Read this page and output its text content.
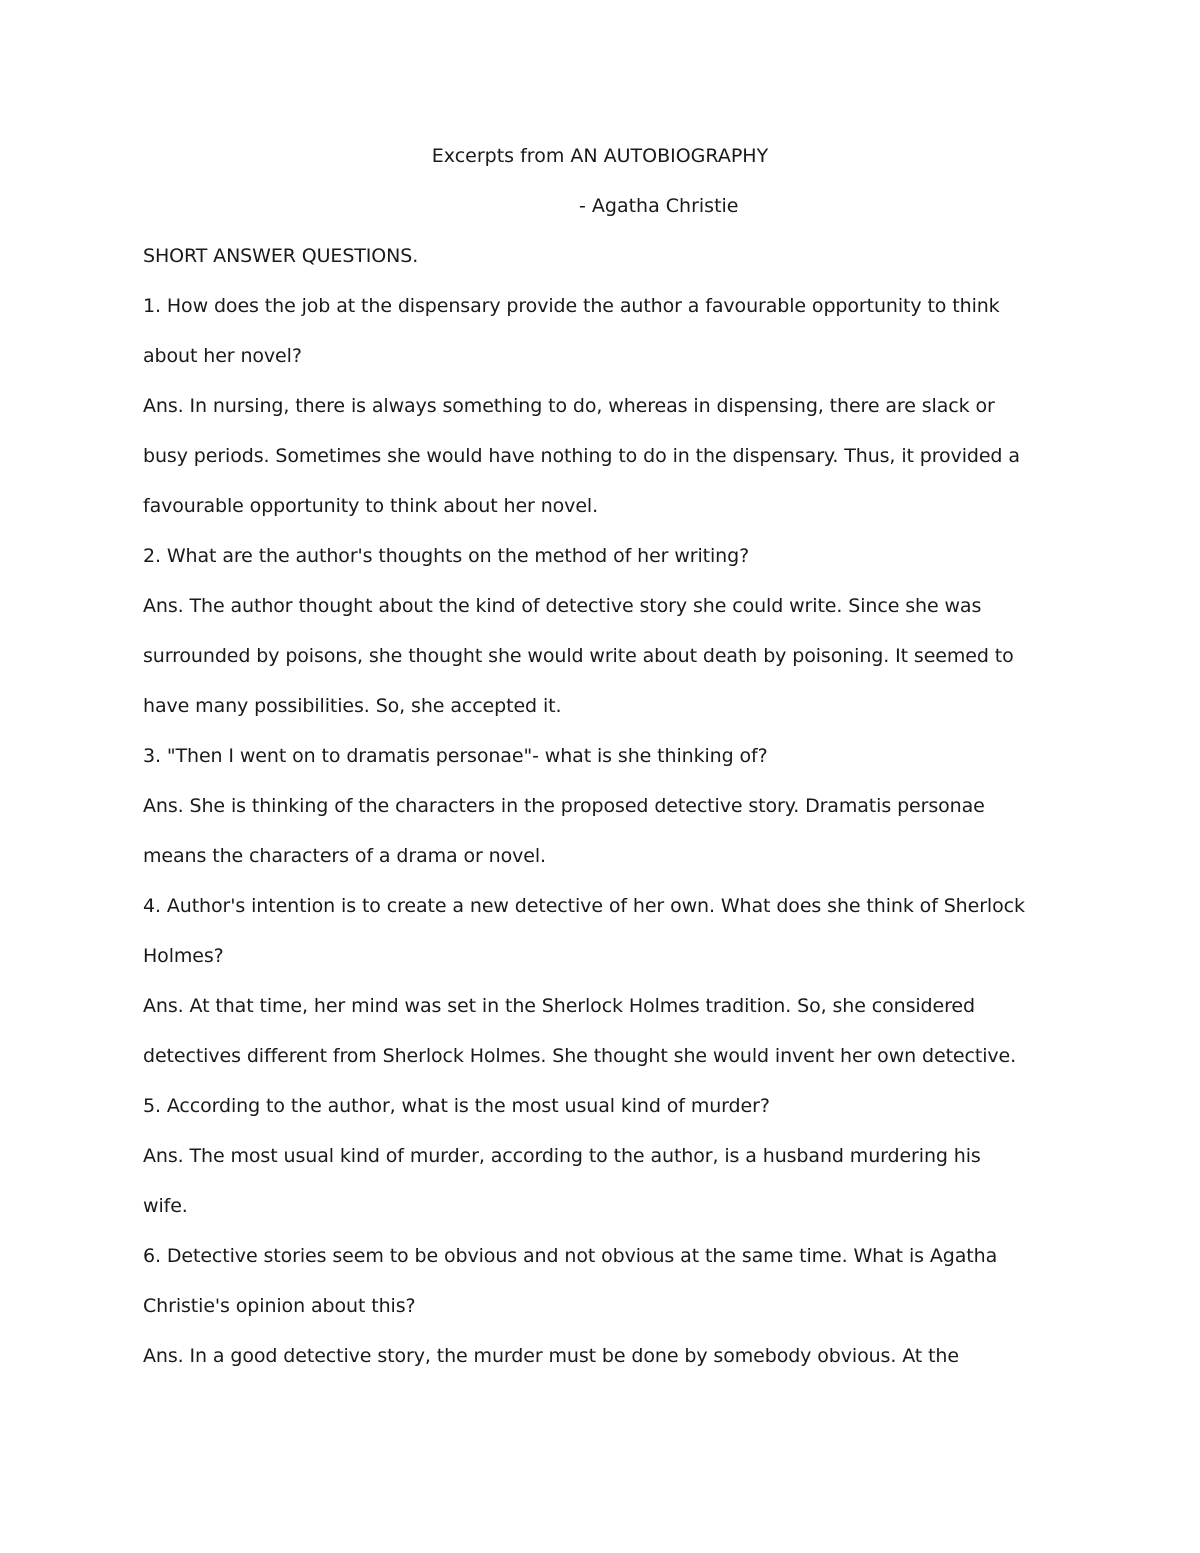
Excerpts from AN AUTOBIOGRAPHY
- Agatha Christie
SHORT ANSWER QUESTIONS.
1. How does the job at the dispensary provide the author a favourable opportunity to think
about her novel?
Ans. In nursing, there is always something to do, whereas in dispensing, there are slack or
busy periods. Sometimes she would have nothing to do in the dispensary. Thus, it provided a
favourable opportunity to think about her novel.
2. What are the author's thoughts on the method of her writing?
Ans. The author thought about the kind of detective story she could write. Since she was
surrounded by poisons, she thought she would write about death by poisoning. It seemed to
have many possibilities. So, she accepted it.
3. "Then I went on to dramatis personae"- what is she thinking of?
Ans. She is thinking of the characters in the proposed detective story. Dramatis personae
means the characters of a drama or novel.
4. Author's intention is to create a new detective of her own. What does she think of Sherlock
Holmes?
Ans. At that time, her mind was set in the Sherlock Holmes tradition. So, she considered
detectives different from Sherlock Holmes. She thought she would invent her own detective.
5. According to the author, what is the most usual kind of murder?
Ans. The most usual kind of murder, according to the author, is a husband murdering his
wife.
6. Detective stories seem to be obvious and not obvious at the same time. What is Agatha
Christie's opinion about this?
Ans. In a good detective story, the murder must be done by somebody obvious. At the
